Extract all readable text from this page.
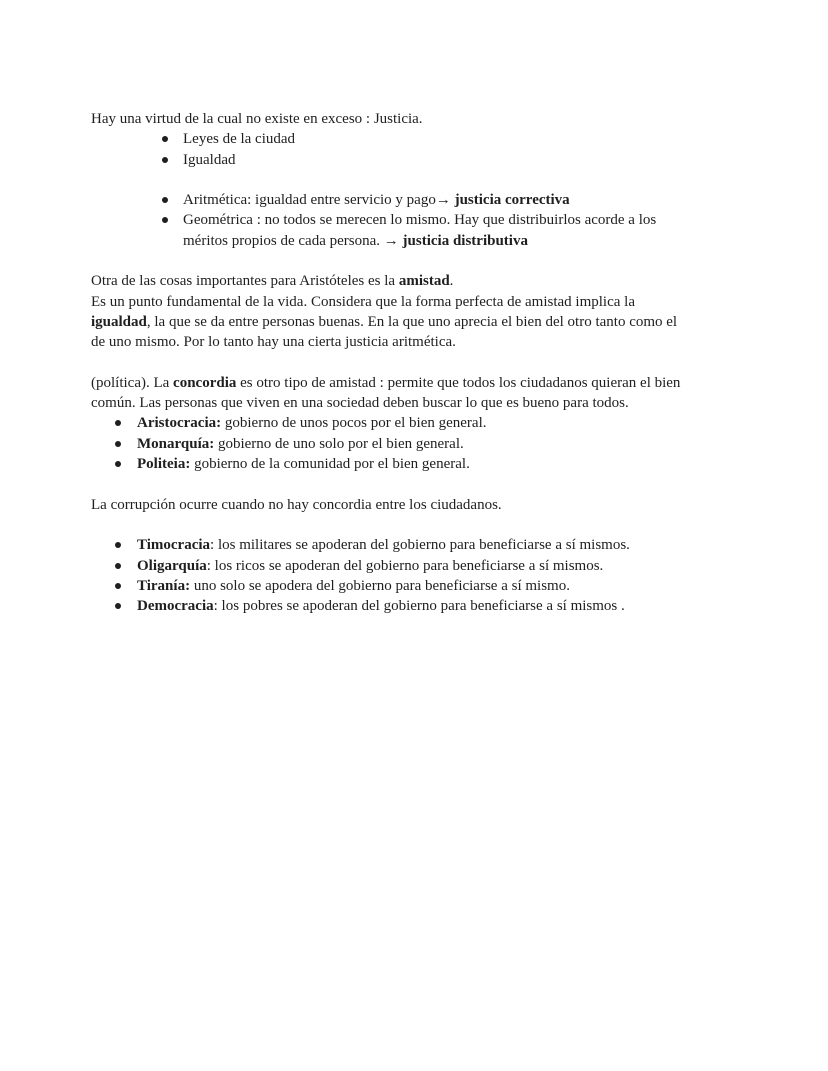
Hay una virtud de la cual no existe en exceso : Justicia.

Leyes de la ciudad
Igualdad
Aritmética: igualdad entre servicio y pago→ justicia correctiva
Geométrica : no todos se merecen lo mismo. Hay que distribuirlos acorde a los méritos propios de cada persona. → justicia distributiva

Otra de las cosas importantes para Aristóteles es la amistad.

Es un punto fundamental de la vida. Considera que la forma perfecta de amistad implica la igualdad, la que se da entre personas buenas. En la que uno aprecia el bien del otro tanto como el de uno mismo. Por lo tanto hay una cierta justicia aritmética.

(política). La concordia es otro tipo de amistad : permite que todos los ciudadanos quieran el bien común. Las personas que viven en una sociedad deben buscar lo que es bueno para todos.

Aristocracia: gobierno de unos pocos por el bien general.
Monarquía: gobierno de uno solo por el bien general.
Politeia: gobierno de la comunidad por el bien general.

La corrupción ocurre cuando no hay concordia entre los ciudadanos.

Timocracia: los militares se apoderan del gobierno para beneficiarse a sí mismos.
Oligarquía: los ricos se apoderan del gobierno para beneficiarse a sí mismos.
Tiranía: uno solo se apodera del gobierno para beneficiarse a sí mismo.
Democracia: los pobres se apoderan del gobierno para beneficiarse a sí mismos .
